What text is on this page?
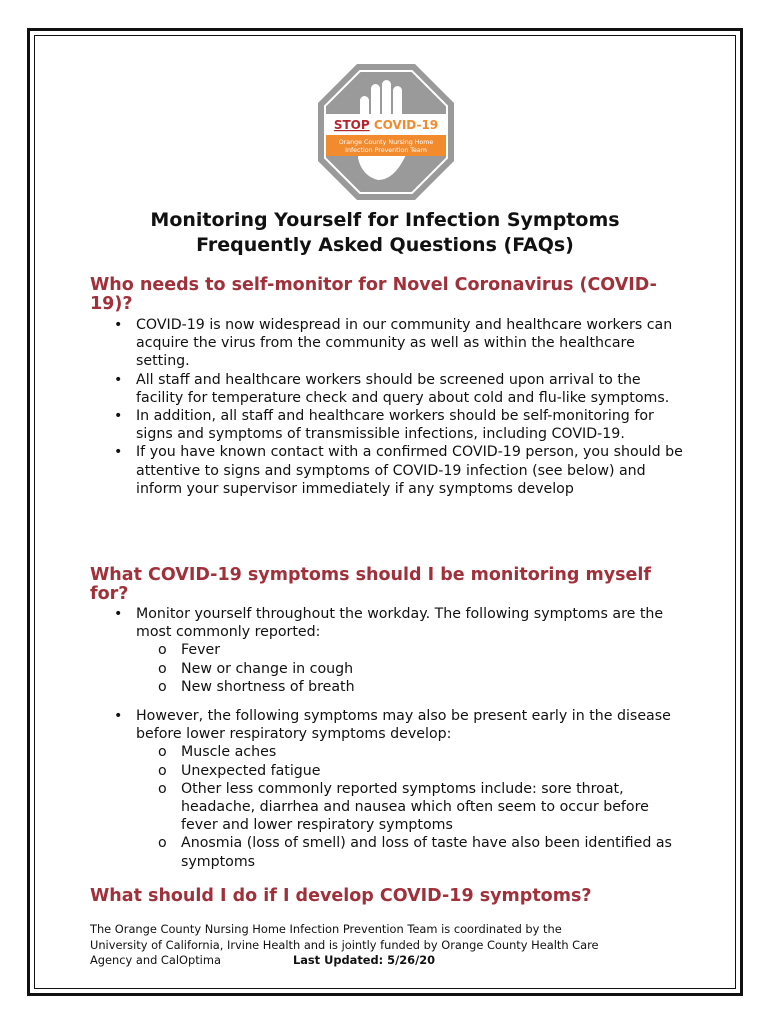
STOP COVID-19
Orange County Nursing Home
Infection Prevention Team
Monitoring Yourself for Infection Symptoms
Frequently Asked Questions (FAQs)
Who needs to self-monitor for Novel Coronavirus (COVID-
19)?
• COVID-19 is now widespread in our community and healthcare workers can acquire the virus from the community as well as within the healthcare setting.
• All staff and healthcare workers should be screened upon arrival to the facility for temperature check and query about cold and flu-like symptoms.
• In addition, all staff and healthcare workers should be self-monitoring for signs and symptoms of transmissible infections, including COVID-19.
• If you have known contact with a confirmed COVID-19 person, you should be attentive to signs and symptoms of COVID-19 infection (see below) and inform your supervisor immediately if any symptoms develop
What COVID-19 symptoms should I be monitoring myself
for?
• Monitor yourself throughout the workday. The following symptoms are the most commonly reported:
o Fever
o New or change in cough
o New shortness of breath
• However, the following symptoms may also be present early in the disease before lower respiratory symptoms develop:
o Muscle aches
o Unexpected fatigue
o Other less commonly reported symptoms include: sore throat, headache, diarrhea and nausea which often seem to occur before fever and lower respiratory symptoms
o Anosmia (loss of smell) and loss of taste have also been identified as symptoms
What should I do if I develop COVID-19 symptoms?
The Orange County Nursing Home Infection Prevention Team is coordinated by the
University of California, Irvine Health and is jointly funded by Orange County Health Care
Agency and CalOptima	Last Updated: 5/26/20
